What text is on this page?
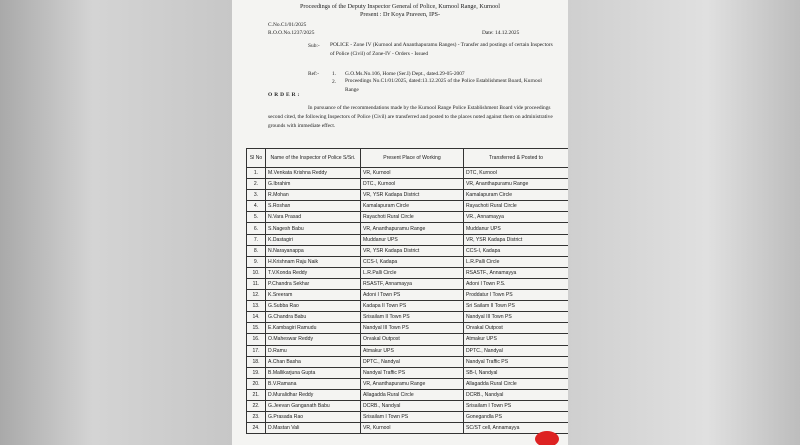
Proceedings of the Deputy Inspector General of Police, Kurnool Range, Kurnool
Present : Dr Koya Praveen, IPS-
C.No.C1/01/2025
R.O.O.No.1237/2025	Date: 14.12.2025
Sub:- POLICE - Zone IV (Kurnool and Ananthapuramu Ranges) - Transfer and postings of certain Inspectors of Police (Civil) of Zone-IV - Orders - Issued
Ref:- 1. G.O.Ms.No.106, Home (Ser.I) Dept., dated.29-05-2007
2. Proceedings No.C1/01/2025, dated:13.12.2025 of the Police Establishment Board, Kurnool Range
ORDER:
In pursuance of the recommendations made by the Kurnool Range Police Establishment Board vide proceedings second cited, the following Inspectors of Police (Civil) are transferred and posted to the places noted against them on administrative grounds with immediate effect.
Sl No	Name of the Inspector of Police S/Sri.	Present Place of Working	Transferred & Posted to
1.	M.Venkata Krishna Reddy	VR, Kurnool	DTC, Kurnool
2.	G.Ibrahim	DTC., Kurnool	VR, Ananthapuramu Range
3.	R.Mohan	VR, YSR Kadapa District	Kamalapuram Circle
4.	S.Roshan	Kamalapuram Circle	Rayachoti Rural Circle
5.	N.Vara Prasad	Rayachoti Rural Circle	VR., Annamayya
6.	S.Nagesh Babu	VR, Ananthapuramu Range	Muddanur UPS
7.	K.Dastagiri	Muddanur UPS	VR, YSR Kadapa District
8.	N.Narayanappa	VR, YSR Kadapa District	CCS-I, Kadapa
9.	H.Krishnam Raju Naik	CCS-I, Kadapa	L.R.Palli Circle
10.	T.V.Konda Reddy	L.R.Palli Circle	RSASTF., Annamayya
11.	P.Chandra Sekhar	RSASTF, Annamayya	Adoni I Town P.S.
12.	K.Sreeram	Adoni I Town PS	Proddatur I Town PS
13.	G.Subba Rao	Kadapa II Town PS	Sri Sailam II Town PS
14.	G.Chandra Babu	Srisailam II Town PS	Nandyal III Town PS
15.	E.Kambagiri Ramudu	Nandyal III Town PS	Orvakal Outpost
16.	O.Maheswar Reddy	Orvakal Outpost	Atmakur UPS
17.	D.Ramu	Atmakur UPS	DPTC., Nandyal
18.	A.Chan Basha	DPTC., Nandyal	Nandyal Traffic PS
19.	B.Mallikarjuna Gupta	Nandyal Traffic PS	SB-I, Nandyal
20.	B.V.Ramana	VR, Ananthapuramu Range	Allagadda Rural Circle
21.	D.Muralidhar Reddy	Allagadda Rural Circle	DCRB., Nandyal
22.	G.Jeevan Ganganath Babu	DCRB., Nandyal	Srisailam I Town PS
23.	G.Prasada Rao	Srisailam I Town PS	Gonegandla PS
24.	D.Mastan Vali	VR, Kurnool	SC/ST cell, Annamayya
